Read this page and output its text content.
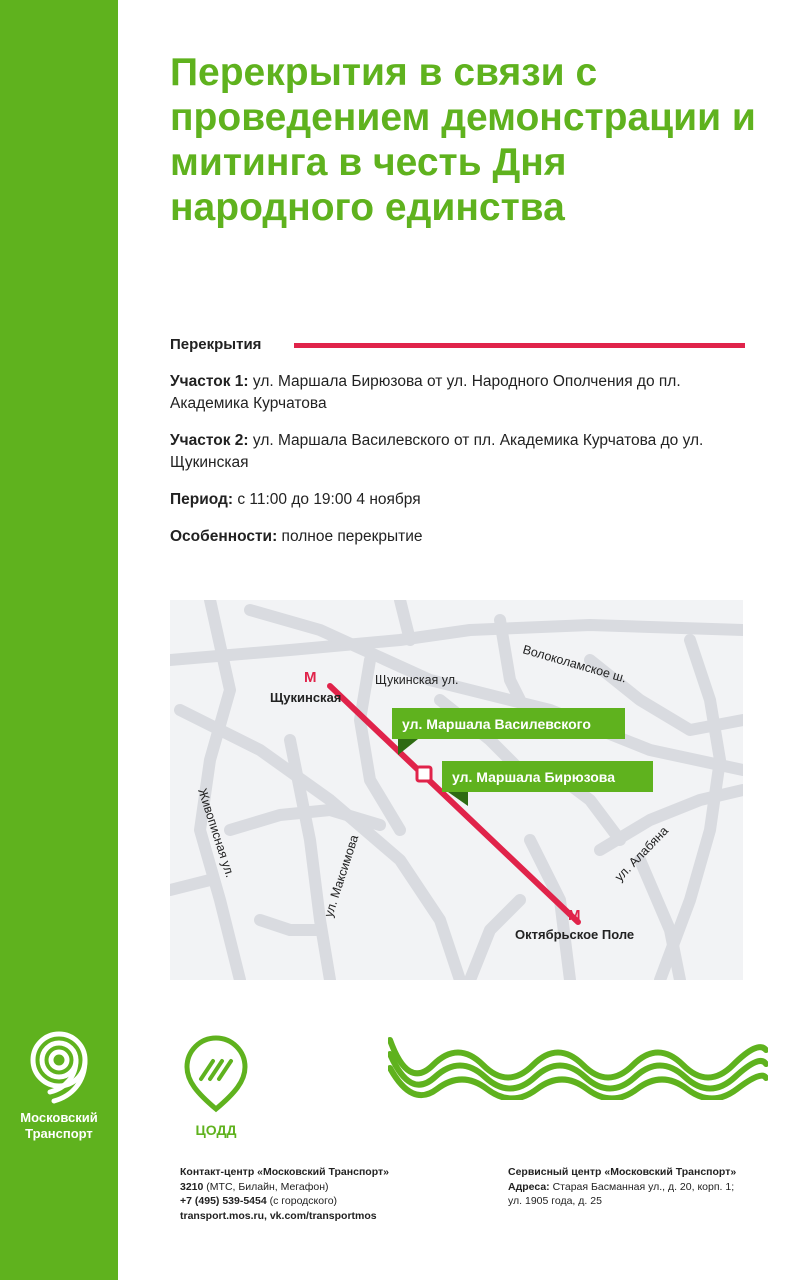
Московский
Транспорт
Перекрытия в связи с проведением демонстрации и митинга в честь Дня народного единства
Перекрытия

Участок 1: ул. Маршала Бирюзова от ул. Народного Ополчения до пл. Академика Курчатова

Участок 2: ул. Маршала Василевского от пл. Академика Курчатова до ул. Щукинская

Период: с 11:00 до 19:00 4 ноября

Особенности: полное перекрытие

М
Щукинская
М
Октябрьское Поле
Щукинская ул.	Волоколамское ш.
Живописная ул.	ул. Максимова	ул. Алабяна
ул. Маршала Василевского
ул. Маршала Бирюзова
ЦОДД
Контакт-центр «Московский Транспорт»
3210 (МТС, Билайн, Мегафон)
+7 (495) 539-5454 (с городского)
transport.mos.ru, vk.com/transportmos
Сервисный центр «Московский Транспорт»
Адреса: Старая Басманная ул., д. 20, корп. 1;
ул. 1905 года, д. 25
